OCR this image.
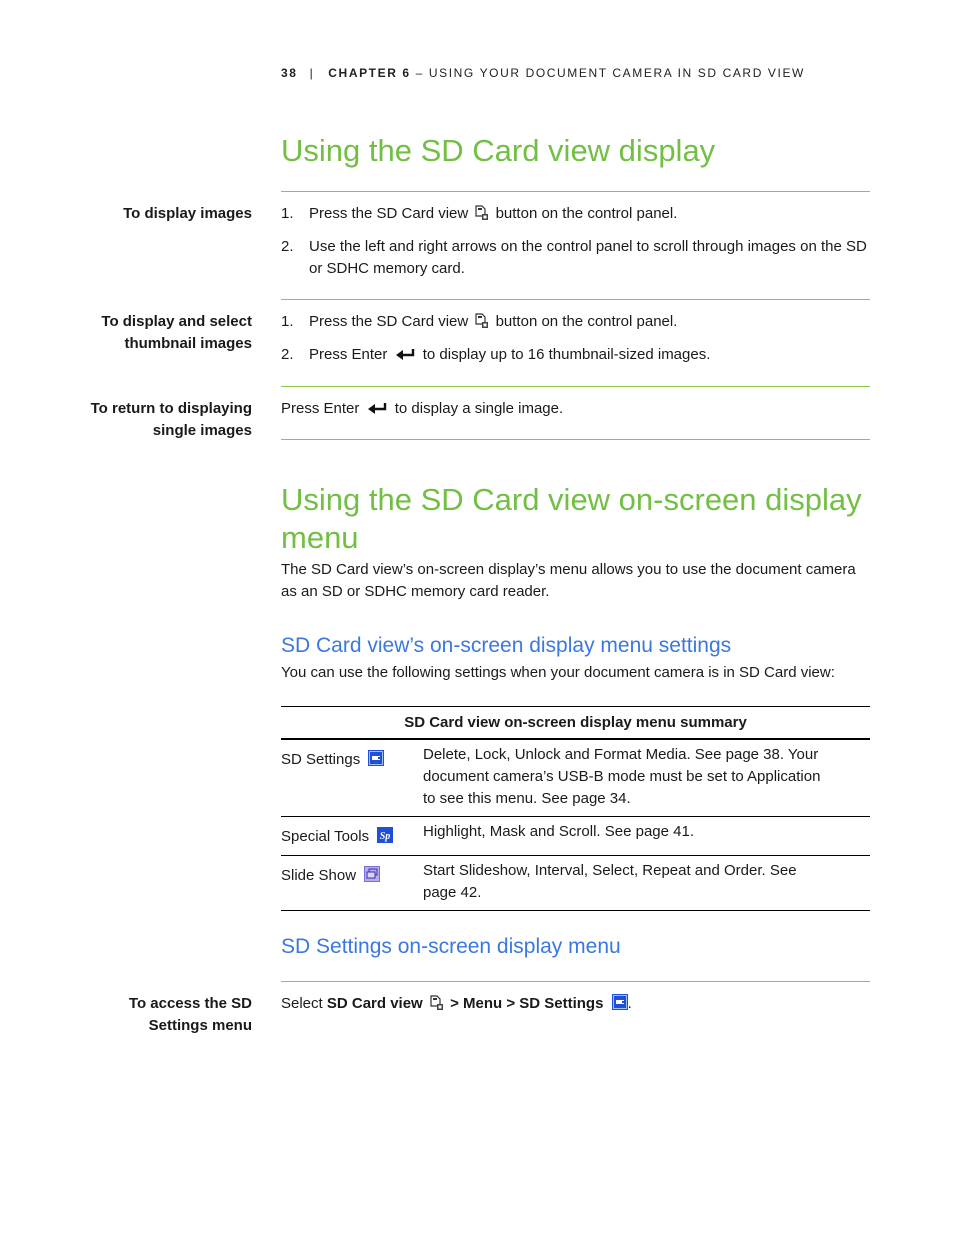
38 | CHAPTER 6 – USING YOUR DOCUMENT CAMERA IN SD CARD VIEW
Using the SD Card view display
To display images 1. Press the SD Card view button on the control panel.
2. Use the left and right arrows on the control panel to scroll through images on the SD or SDHC memory card.
To display and select
thumbnail images
1. Press the SD Card view button on the control panel.
2. Press Enter to display up to 16 thumbnail-sized images.
To return to displaying
single images
Press Enter to display a single image.
Using the SD Card view on-screen display menu
The SD Card view’s on-screen display’s menu allows you to use the document camera as an SD or SDHC memory card reader.
SD Card view’s on-screen display menu settings
You can use the following settings when your document camera is in SD Card view:
SD Card view on-screen display menu summary	
SD Settings	Delete, Lock, Unlock and Format Media. See page 38. Your document camera’s USB-B mode must be set to Application to see this menu. See page 34.
Special Tools Sp	Highlight, Mask and Scroll. See page 41.
Slide Show	Start Slideshow, Interval, Select, Repeat and Order. See page 42.
SD Settings on-screen display menu
To access the SD
Settings menu
Select SD Card view  > Menu > SD Settings .
